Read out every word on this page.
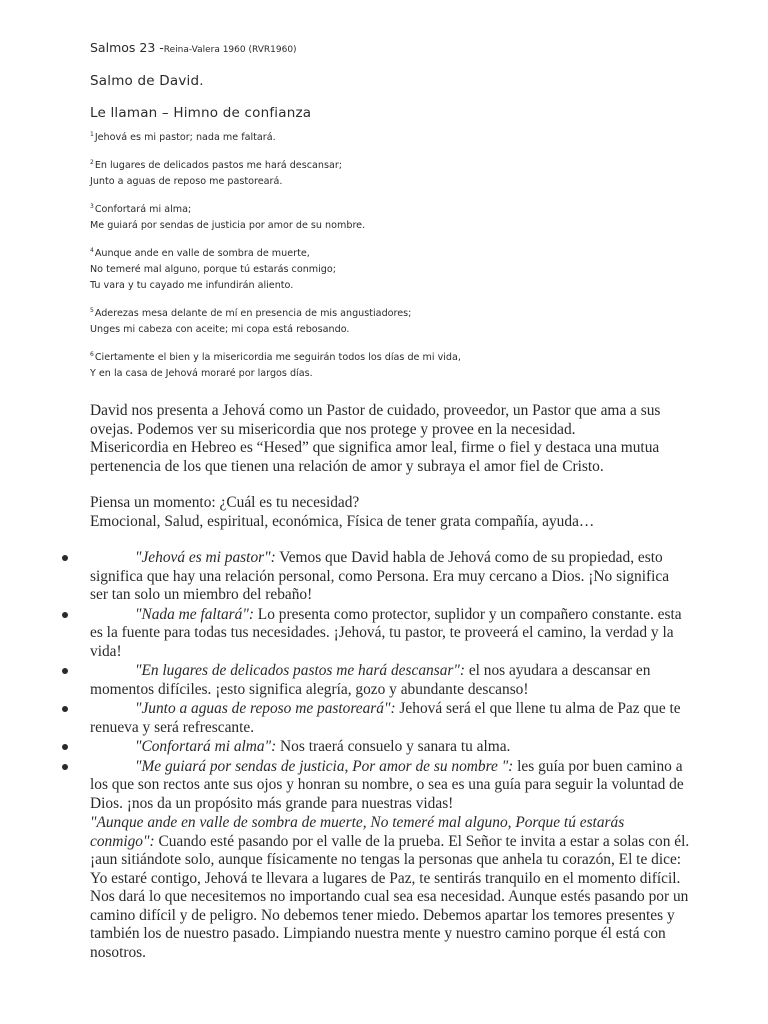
Salmos 23 -Reina-Valera 1960 (RVR1960)

Salmo de David.

Le llaman – Himno de confianza

$^1$Jehová es mi pastor; nada me faltará.

$^2$En lugares de delicados pastos me hará descansar;
Junto a aguas de reposo me pastoreará.

$^3$Confortará mi alma;
Me guiará por sendas de justicia por amor de su nombre.

$^4$Aunque ande en valle de sombra de muerte,
No temeré mal alguno, porque tú estarás conmigo;
Tu vara y tu cayado me infundirán aliento.

$^5$Aderezas mesa delante de mí en presencia de mis angustiadores;
Unges mi cabeza con aceite; mi copa está rebosando.

$^6$Ciertamente el bien y la misericordia me seguirán todos los días de mi vida,
Y en la casa de Jehová moraré por largos días.

David nos presenta a Jehová como un Pastor de cuidado, proveedor, un Pastor que ama a sus
ovejas. Podemos ver su misericordia que nos protege y provee en la necesidad.
Misericordia en Hebreo es “Hesed” que significa amor leal, firme o fiel y destaca una mutua
pertenencia de los que tienen una relación de amor y subraya el amor fiel de Cristo.

Piensa un momento: ¿Cuál es tu necesidad?
Emocional, Salud, espiritual, económica, Física de tener grata compañía, ayuda…

"Jehová es mi pastor": Vemos que David habla de Jehová como de su propiedad, esto significa que hay una relación personal, como Persona. Era muy cercano a Dios. ¡No significa ser tan solo un miembro del rebaño!
"Nada me faltará": Lo presenta como protector, suplidor y un compañero constante. esta es la fuente para todas tus necesidades. ¡Jehová, tu pastor, te proveerá el camino, la verdad y la vida!
"En lugares de delicados pastos me hará descansar": el nos ayudara a descansar en momentos difíciles. ¡esto significa alegría, gozo y abundante descanso!
"Junto a aguas de reposo me pastoreará": Jehová será el que llene tu alma de Paz que te renueva y será refrescante.
"Confortará mi alma": Nos traerá consuelo y sanara tu alma.
"Me guiará por sendas de justicia, Por amor de su nombre ": les guía por buen camino a los que son rectos ante sus ojos y honran su nombre, o sea es una guía para seguir la voluntad de Dios. ¡nos da un propósito más grande para nuestras vidas!

"Aunque ande en valle de sombra de muerte, No temeré mal alguno, Porque tú estarás conmigo": Cuando esté pasando por el valle de la prueba. El Señor te invita a estar a solas con él. ¡aun sitiándote solo, aunque físicamente no tengas la personas que anhela tu corazón, El te dice: Yo estaré contigo, Jehová te llevara a lugares de Paz, te sentirás tranquilo en el momento difícil. Nos dará lo que necesitemos no importando cual sea esa necesidad. Aunque estés pasando por un camino difícil y de peligro. No debemos tener miedo. Debemos apartar los temores presentes y también los de nuestro pasado. Limpiando nuestra mente y nuestro camino porque él está con nosotros.
